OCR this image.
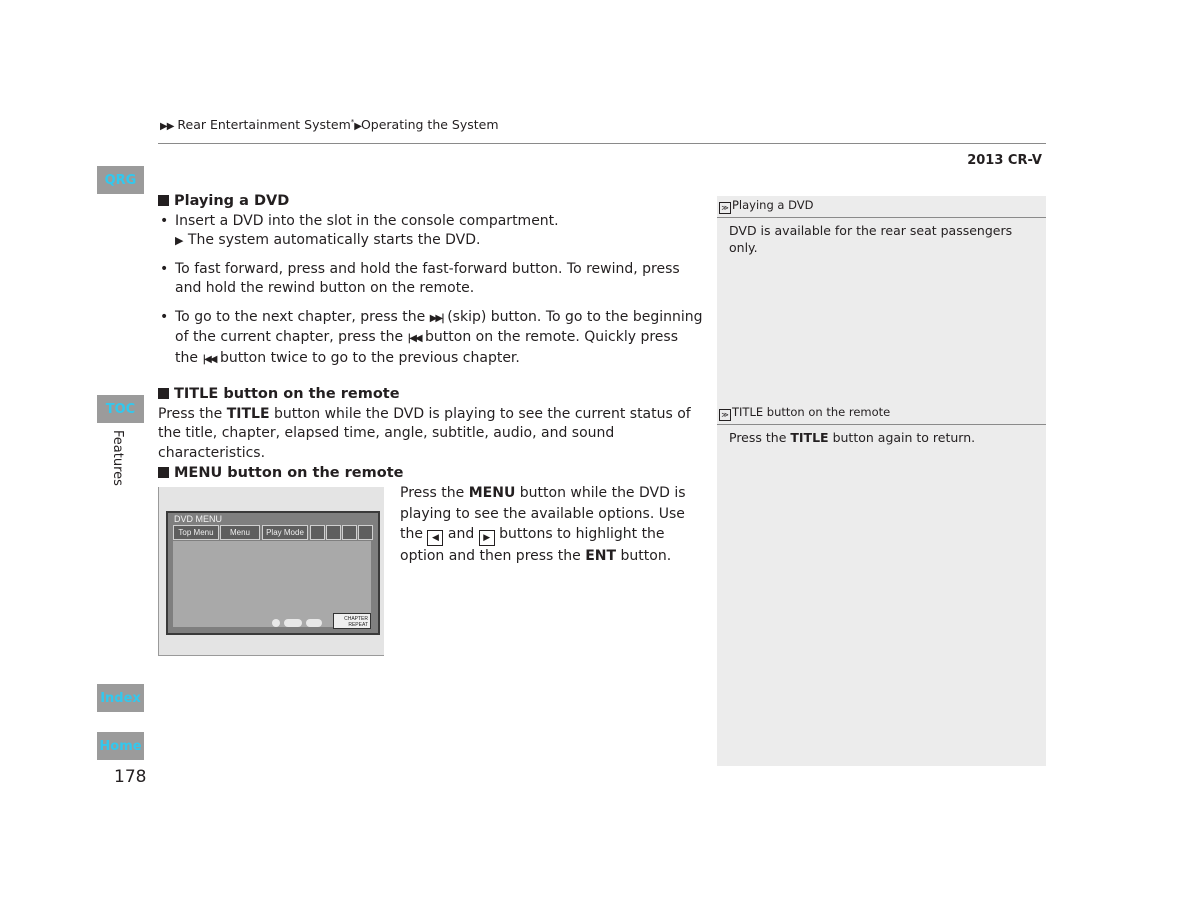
▶▶ Rear Entertainment System*▶Operating the System
2013 CR-V
QRG
TOC
Features
Index
Home
178
Playing a DVD
• Insert a DVD into the slot in the console compartment.
▶ The system automatically starts the DVD.
• To fast forward, press and hold the fast-forward button. To rewind, press and hold the rewind button on the remote.
• To go to the next chapter, press the ▶▶| (skip) button. To go to the beginning of the current chapter, press the |◀◀ button on the remote. Quickly press the |◀◀ button twice to go to the previous chapter.
TITLE button on the remote
Press the TITLE button while the DVD is playing to see the current status of the title, chapter, elapsed time, angle, subtitle, audio, and sound characteristics.
MENU button on the remote
DVD MENU
Top Menu	Menu	Play Mode
CHAPTER REPEAT
Press the MENU button while the DVD is playing to see the available options. Use the ◀ and ▶ buttons to highlight the option and then press the ENT button.
≫ Playing a DVD
DVD is available for the rear seat passengers only.
≫ TITLE button on the remote
Press the TITLE button again to return.
